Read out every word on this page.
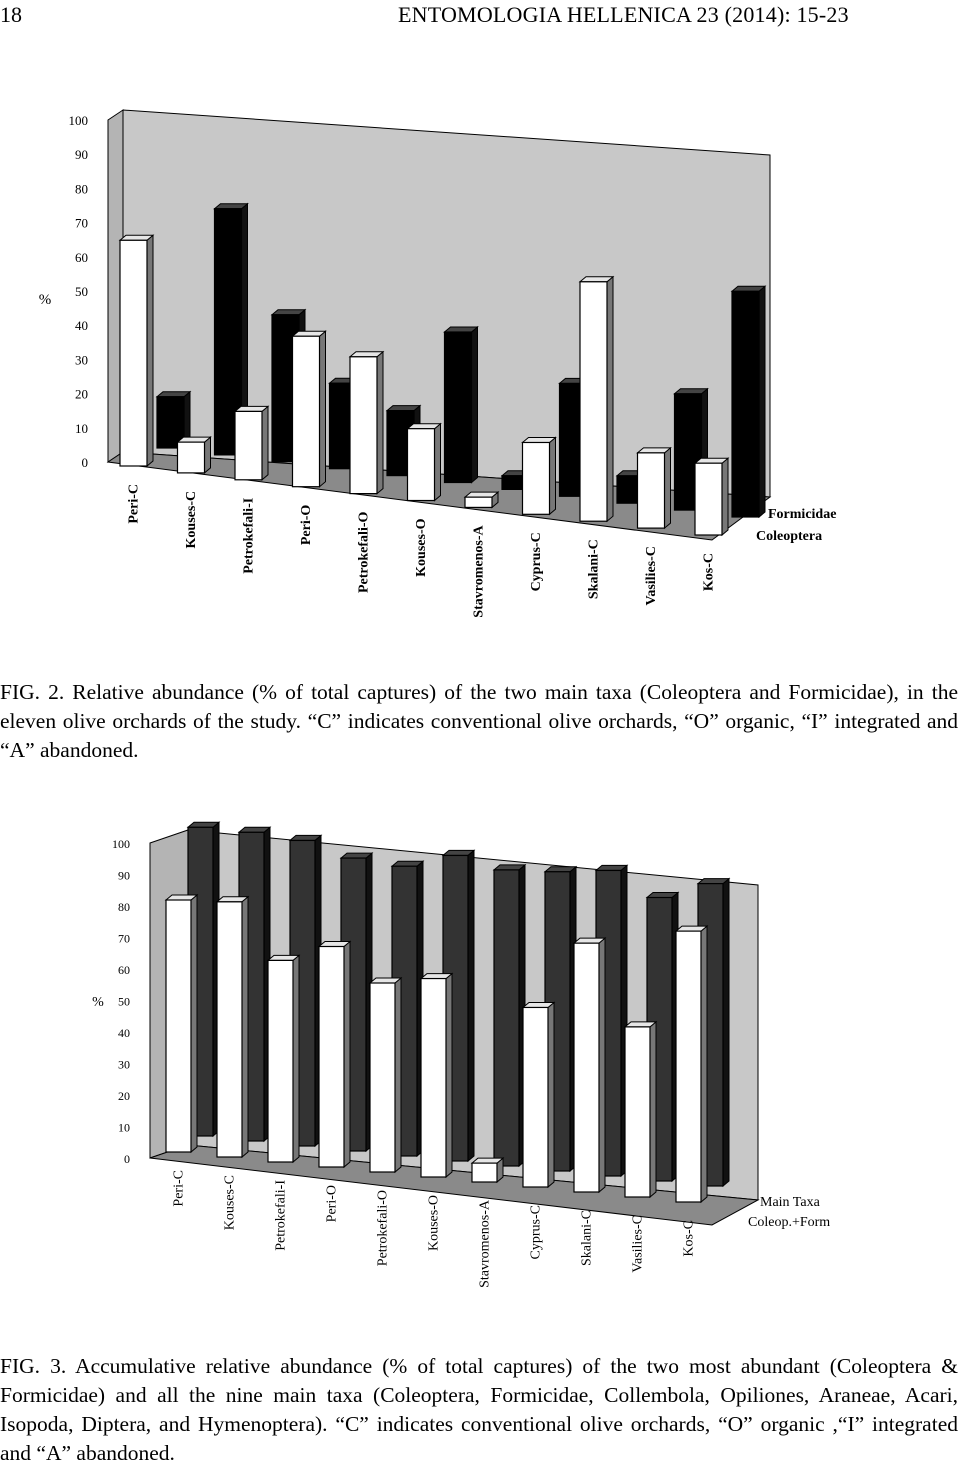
18	ENTOMOLOGIA HELLENICA 23 (2014): 15-23
0
10
20
30
40
50
60
70
80
90
100
%
Peri-C	Kouses-C	Petrokefali-I	Peri-O	Petrokefali-O	Kouses-O	Stavromenos-A	Cyprus-C	Skalani-C	Vasilies-C	Kos-C
Formicidae
Coleoptera
FIG. 2. Relative abundance (% of total captures) of the two main taxa (Coleoptera and Formicidae), in the eleven olive orchards of the study. “C” indicates conventional olive orchards, “O” organic, “I” integrated and “A” abandoned.
0
10
20
30
40
50
60
70
80
90
100
%
Peri-C	Kouses-C	Petrokefali-I	Peri-O	Petrokefali-O	Kouses-O	Stavromenos-A	Cyprus-C	Skalani-C	Vasilies-C	Kos-C
Main Taxa
Coleop.+Form
FIG. 3. Accumulative relative abundance (% of total captures) of the two most abundant (Coleoptera & Formicidae) and all the nine main taxa (Coleoptera, Formicidae, Collembola, Opiliones, Araneae, Acari, Isopoda, Diptera, and Hymenoptera). “C” indicates conventional olive orchards, “O” organic ,“I” integrated and “A” abandoned.
